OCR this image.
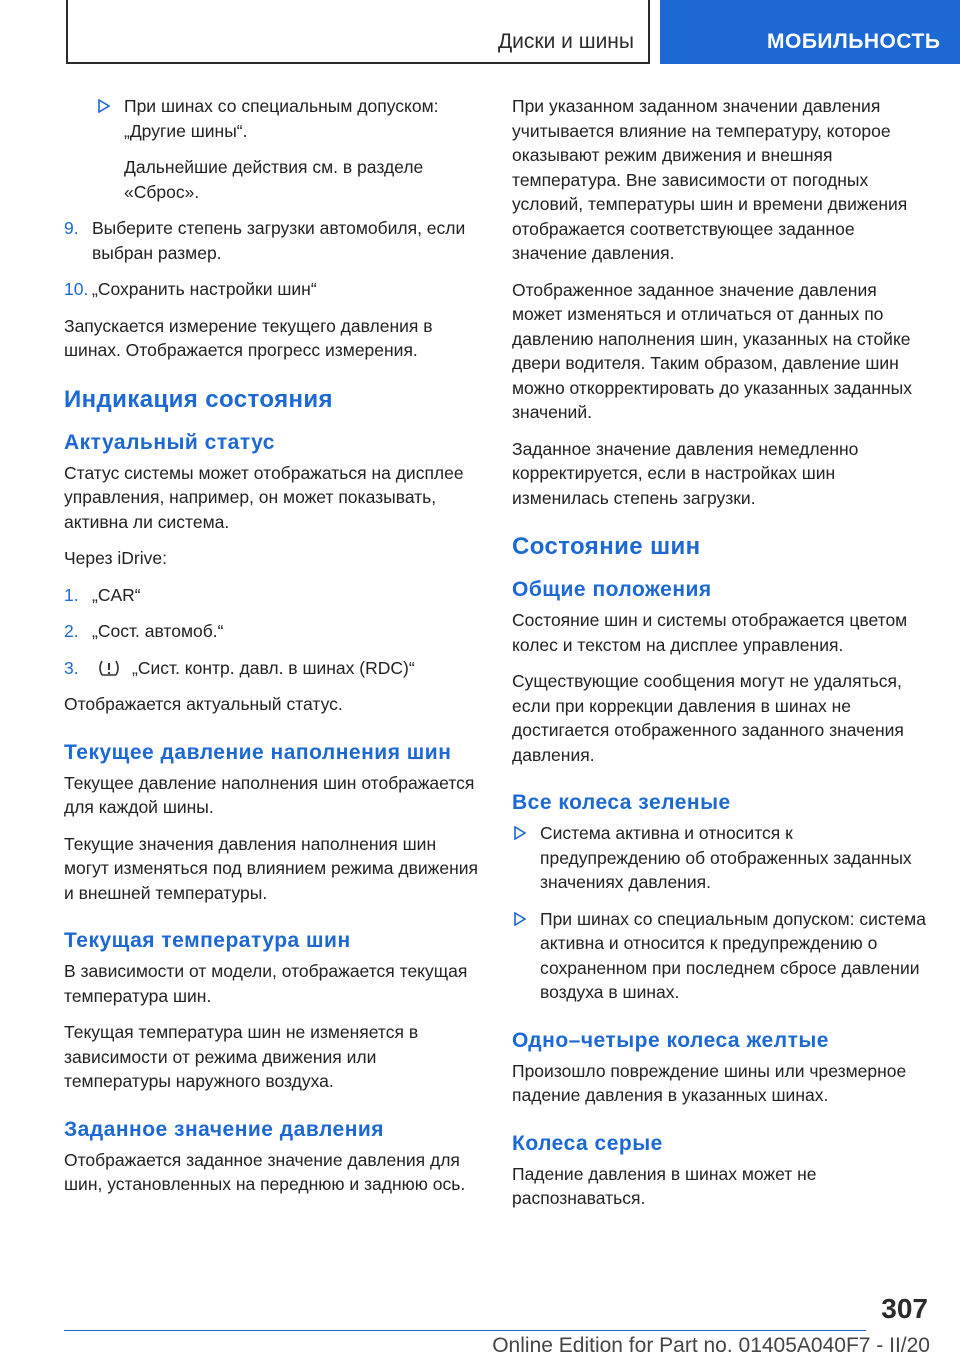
Диски и шины	МОБИЛЬНОСТЬ
При шинах со специальным допуском: „Другие шины“.

Дальнейшие действия см. в разделе «Сброс».

9. Выберите степень загрузки автомобиля, если выбран размер.
10. „Сохранить настройки шин“

Запускается измерение текущего давления в шинах. Отображается прогресс измерения.

Индикация состояния
Актуальный статус

Статус системы может отображаться на дисплее управления, например, он может показывать, активна ли система.

Через iDrive:

1. „CAR“
2. „Сост. автомоб.“
3.	„Сист. контр. давл. в шинах (RDC)“

Отображается актуальный статус.

Текущее давление наполнения шин

Текущее давление наполнения шин отображается для каждой шины.

Текущие значения давления наполнения шин могут изменяться под влиянием режима движения и внешней температуры.

Текущая температура шин

В зависимости от модели, отображается текущая температура шин.

Текущая температура шин не изменяется в зависимости от режима движения или температуры наружного воздуха.

Заданное значение давления

Отображается заданное значение давления для шин, установленных на переднюю и заднюю ось.

При указанном заданном значении давления учитывается влияние на температуру, которое оказывают режим движения и внешняя температура. Вне зависимости от погодных условий, температуры шин и времени движения отображается соответствующее заданное значение давления.

Отображенное заданное значение давления может изменяться и отличаться от данных по давлению наполнения шин, указанных на стойке двери водителя. Таким образом, давление шин можно откорректировать до указанных заданных значений.

Заданное значение давления немедленно корректируется, если в настройках шин изменилась степень загрузки.

Состояние шин
Общие положения

Состояние шин и системы отображается цветом колес и текстом на дисплее управления.

Существующие сообщения могут не удаляться, если при коррекции давления в шинах не достигается отображенного заданного значения давления.

Все колеса зеленые
Система активна и относится к предупреждению об отображенных заданных значениях давления.
При шинах со специальным допуском: система активна и относится к предупреждению о сохраненном при последнем сбросе давлении воздуха в шинах.
Одно–четыре колеса желтые

Произошло повреждение шины или чрезмерное падение давления в указанных шинах.

Колеса серые

Падение давления в шинах может не распознаваться.

307
Online Edition for Part no. 01405A040F7 - II/20
